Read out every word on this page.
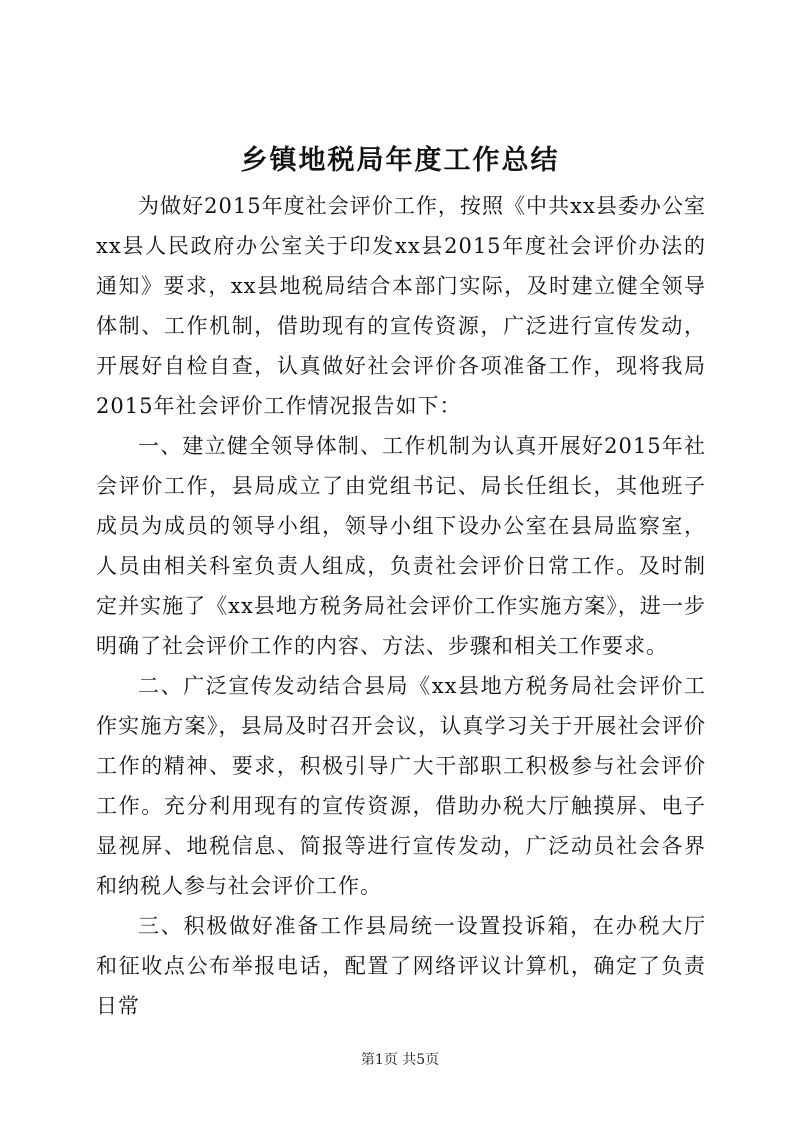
乡镇地税局年度工作总结

为做好2015年度社会评价工作，按照《中共xx县委办公室xx县人民政府办公室关于印发xx县2015年度社会评价办法的通知》要求，xx县地税局结合本部门实际，及时建立健全领导体制、工作机制，借助现有的宣传资源，广泛进行宣传发动，开展好自检自查，认真做好社会评价各项准备工作，现将我局2015年社会评价工作情况报告如下：

一、建立健全领导体制、工作机制为认真开展好2015年社会评价工作，县局成立了由党组书记、局长任组长，其他班子成员为成员的领导小组，领导小组下设办公室在县局监察室，人员由相关科室负责人组成，负责社会评价日常工作。及时制定并实施了《xx县地方税务局社会评价工作实施方案》，进一步明确了社会评价工作的内容、方法、步骤和相关工作要求。

二、广泛宣传发动结合县局《xx县地方税务局社会评价工作实施方案》，县局及时召开会议，认真学习关于开展社会评价工作的精神、要求，积极引导广大干部职工积极参与社会评价工作。充分利用现有的宣传资源，借助办税大厅触摸屏、电子显视屏、地税信息、简报等进行宣传发动，广泛动员社会各界和纳税人参与社会评价工作。

三、积极做好准备工作县局统一设置投诉箱，在办税大厅和征收点公布举报电话，配置了网络评议计算机，确定了负责日常

第1页 共5页
